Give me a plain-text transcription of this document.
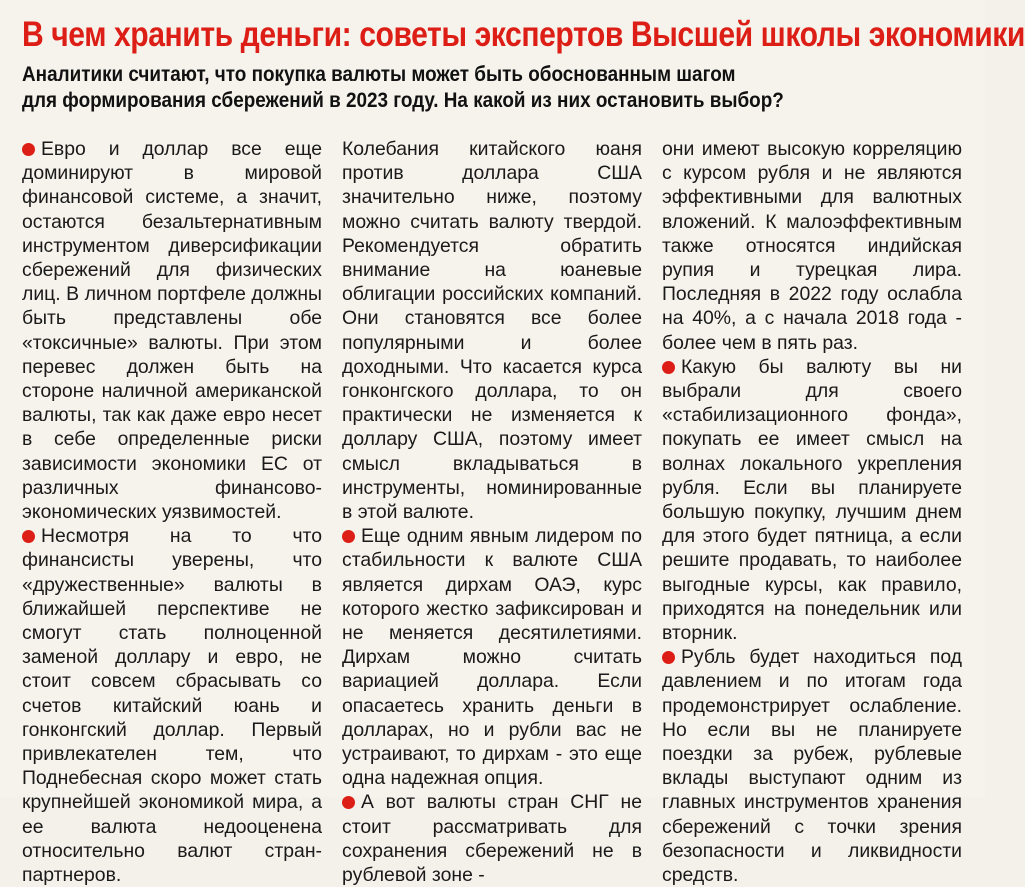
В чем хранить деньги: советы экспертов Высшей школы экономики

Аналитики считают, что покупка валюты может быть обоснованным шагом
для формирования сбережений в 2023 году. На какой из них остановить выбор?

Евро и доллар все еще доминируют в мировой финансовой системе, а значит, остаются безальтернативным инструментом диверсификации сбережений для физических лиц. В личном портфеле должны быть представлены обе «токсичные» валюты. При этом перевес должен быть на стороне наличной американской валюты, так как даже евро несет в себе определенные риски зависимости экономики ЕС от различных финансово-экономических уязвимостей.

Несмотря на то что финансисты уверены, что «дружественные» валюты в ближайшей перспективе не смогут стать полноценной заменой доллару и евро, не стоит совсем сбрасывать со счетов китайский юань и гонконгский доллар. Первый привлекателен тем, что Поднебесная скоро может стать крупнейшей экономикой мира, а ее валюта недооценена относительно валют стран-партнеров.

Колебания китайского юаня против доллара США значительно ниже, поэтому можно считать валюту твердой. Рекомендуется обратить внимание на юаневые облигации российских компаний. Они становятся все более популярными и более доходными. Что касается курса гонконгского доллара, то он практически не изменяется к доллару США, поэтому имеет смысл вкладываться в инструменты, номинированные в этой валюте.

Еще одним явным лидером по стабильности к валюте США является дирхам ОАЭ, курс которого жестко зафиксирован и не меняется десятилетиями. Дирхам можно считать вариацией доллара. Если опасаетесь хранить деньги в долларах, но и рубли вас не устраивают, то дирхам - это еще одна надежная опция.

А вот валюты стран СНГ не стоит рассматривать для сохранения сбережений не в рублевой зоне -

они имеют высокую корреляцию с курсом рубля и не являются эффективными для валютных вложений. К малоэффективным также относятся индийская рупия и турецкая лира. Последняя в 2022 году ослабла на 40%, а с начала 2018 года - более чем в пять раз.

Какую бы валюту вы ни выбрали для своего «стабилизационного фонда», покупать ее имеет смысл на волнах локального укрепления рубля. Если вы планируете большую покупку, лучшим днем для этого будет пятница, а если решите продавать, то наиболее выгодные курсы, как правило, приходятся на понедельник или вторник.

Рубль будет находиться под давлением и по итогам года продемонстрирует ослабление. Но если вы не планируете поездки за рубеж, рублевые вклады выступают одним из главных инструментов хранения сбережений с точки зрения безопасности и ликвидности средств.
